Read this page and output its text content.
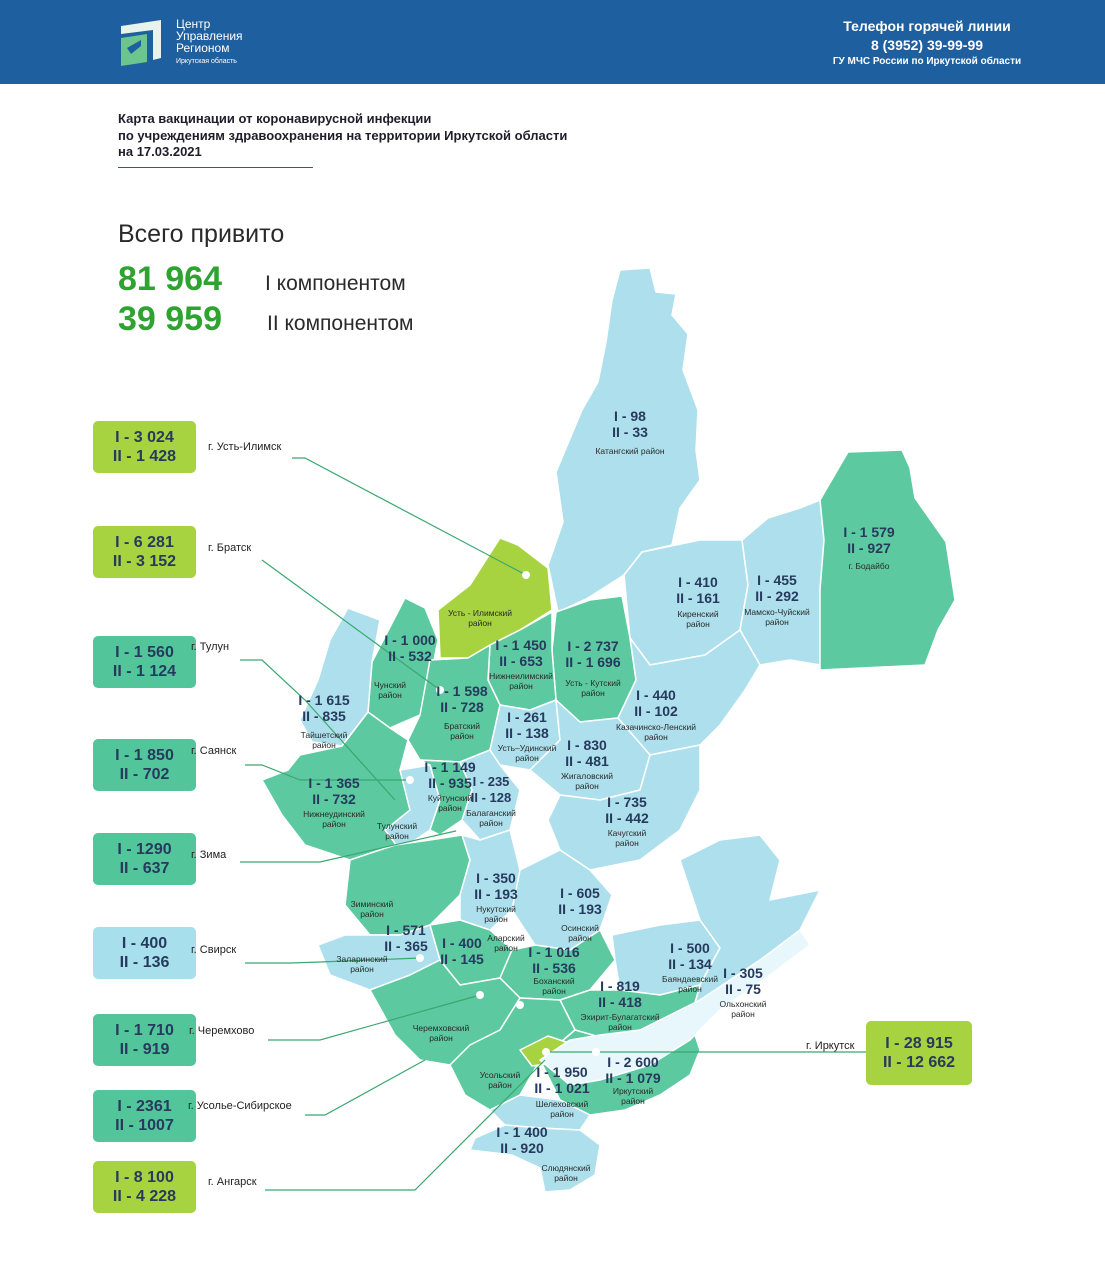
Центр
Управления
Регионом
Иркутская область
Телефон горячей линии
8 (3952) 39-99-99
ГУ МЧС России по Иркутской области
Карта вакцинации от коронавирусной инфекции
по учреждениям здравоохранения на территории Иркутской области
на 17.03.2021
Всего привито
81 964 I компонентом
39 959 II компонентом
I - 3 024
II - 1 428
г. Усть-Илимск
I - 6 281
II - 3 152
г. Братск
I - 1 560
II - 1 124
г. Тулун
I - 1 850
II - 702
г. Саянск
I - 1290
II - 637
г. Зима
I - 400
II - 136
г. Свирск
I - 1 710
II - 919
г. Черемхово
I - 2361
II - 1007
г. Усолье-Сибирское
I - 8 100
II - 4 228
г. Ангарск
I - 28 915
II - 12 662
г. Иркутск
I - 98
II - 33
Катангский район
I - 1 579
II - 927
г. Бодайбо
I - 410
II - 161
Киренский район
I - 455
II - 292
Мамско-Чуйский район
Усть - Илимский район
I - 1 000
II - 532
Чунский район
I - 1 450
II - 653
Нижнеилимский район
I - 2 737
II - 1 696
Усть - Кутский район
I - 1 615
II - 835
Тайшетский район
I - 1 598
II - 728
Братский район
I - 440
II - 102
Казачинско-Ленский район
I - 261
II - 138
Усть–Удинский район
I - 830
II - 481
Жигаловский район
I - 1 365
II - 732
Нижнеудинский район
I - 1 149
II - 935
Куйтунский район
I - 235
II - 128
Балаганский район
Тулунский район
I - 735
II - 442
Качугский район
Зиминский район
I - 350
II - 193
Нукутский район
I - 605
II - 193
Осинский район
I - 571
II - 365
Заларинский район
I - 400
II - 145
Аларский район I - 1 016
II - 536
Боханский район
I - 500
II - 134
Баяндаевский район
I - 305
II - 75
Ольхонский район
I - 819
II - 418
Эхирит-Булагатский район
Черемховский район
Усольский район
I - 1 950
II - 1 021
Шелеховский район
I - 2 600
II - 1 079
Иркутский район
I - 1 400
II - 920
Слюдянский район
